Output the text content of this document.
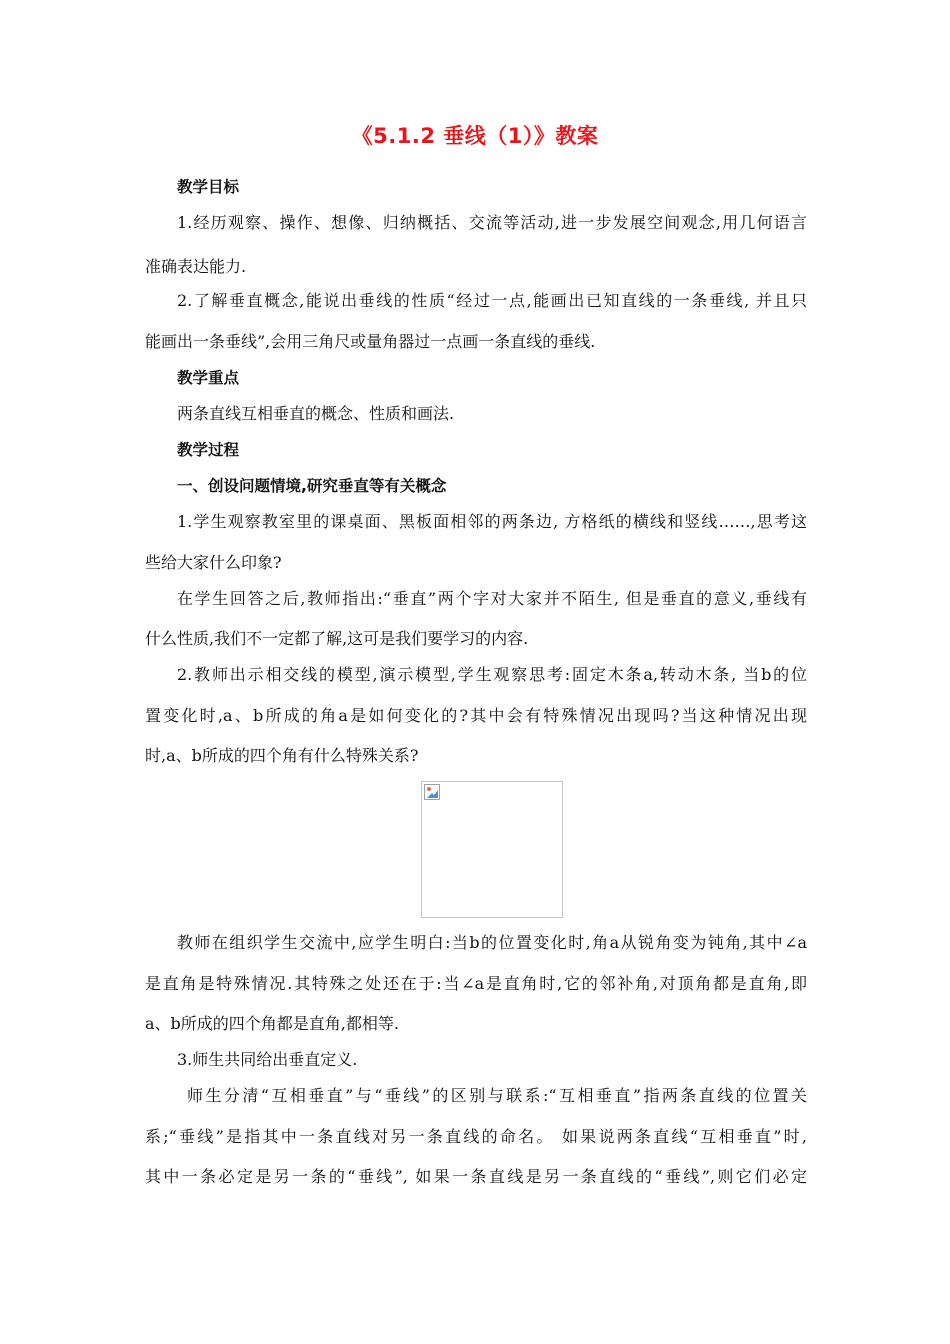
《5.1.2 垂线（1）》教案
教学目标
1.经历观察、操作、想像、归纳概括、交流等活动,进一步发展空间观念,用几何语言
准确表达能力.
2.了解垂直概念,能说出垂线的性质“经过一点,能画出已知直线的一条垂线, 并且只
能画出一条垂线”,会用三角尺或量角器过一点画一条直线的垂线.
教学重点
两条直线互相垂直的概念、性质和画法.
教学过程
一、创设问题情境,研究垂直等有关概念
1.学生观察教室里的课桌面、黑板面相邻的两条边, 方格纸的横线和竖线……,思考这
些给大家什么印象?
在学生回答之后,教师指出:“垂直”两个字对大家并不陌生, 但是垂直的意义,垂线有
什么性质,我们不一定都了解,这可是我们要学习的内容.
2.教师出示相交线的模型,演示模型,学生观察思考:固定木条a,转动木条, 当b的位
置变化时,a、b所成的角a是如何变化的?其中会有特殊情况出现吗?当这种情况出现
时,a、b所成的四个角有什么特殊关系?
教师在组织学生交流中,应学生明白:当b的位置变化时,角a从锐角变为钝角,其中∠a
是直角是特殊情况.其特殊之处还在于:当∠a是直角时,它的邻补角,对顶角都是直角,即
a、b所成的四个角都是直角,都相等.
3.师生共同给出垂直定义.
师生分清“互相垂直”与“垂线”的区别与联系:“互相垂直”指两条直线的位置关
系;“垂线”是指其中一条直线对另一条直线的命名。 如果说两条直线“互相垂直”时,
其中一条必定是另一条的“垂线”, 如果一条直线是另一条直线的“垂线”,则它们必定
